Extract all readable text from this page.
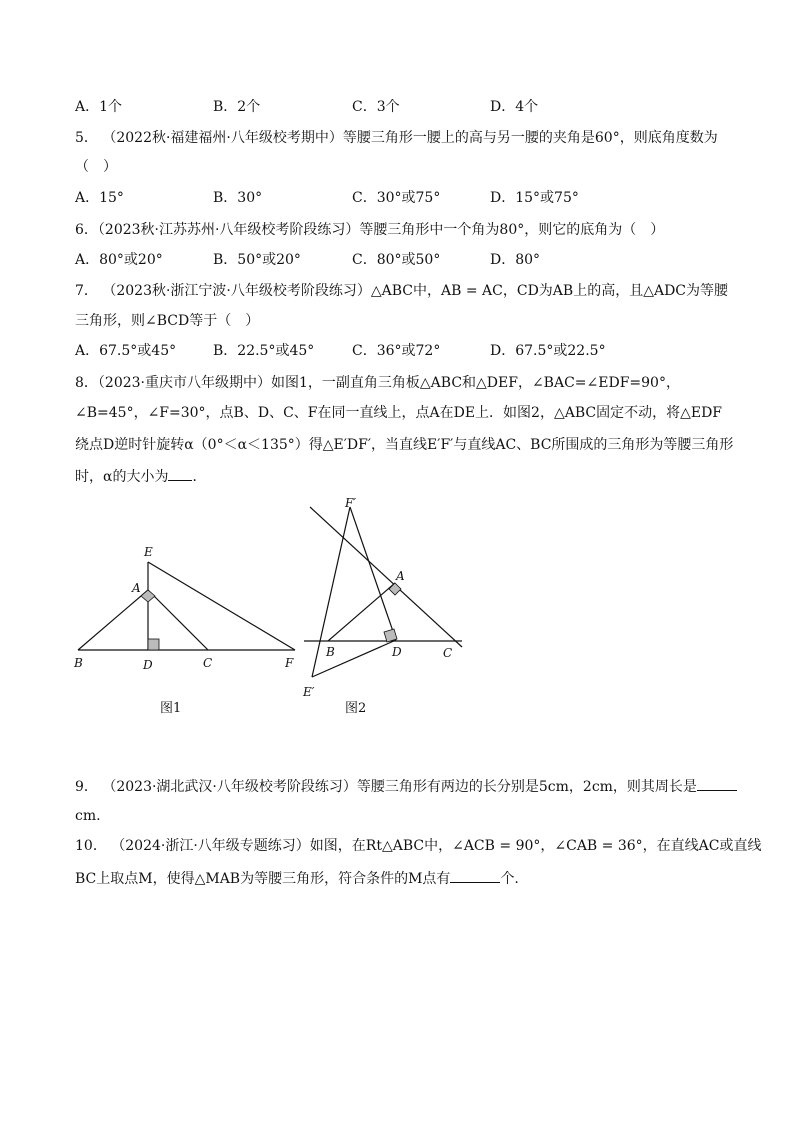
A．1个	B．2个	C．3个	D．4个
5． （2022秋·福建福州·八年级校考期中）等腰三角形一腰上的高与另一腰的夹角是60°，则底角度数为
（　）
A．15°	B．30°	C．30°或75°	D．15°或75°
6．（2023秋·江苏苏州·八年级校考阶段练习）等腰三角形中一个角为80°，则它的底角为（　）
A．80°或20°	B．50°或20°	C．80°或50°	D．80°
7． （2023秋·浙江宁波·八年级校考阶段练习）△ABC中，AB = AC，CD为AB上的高，且△ADC为等腰
三角形，则∠BCD等于（　）
A．67.5°或45°	B．22.5°或45°	C．36°或72°	D．67.5°或22.5°
8．（2023·重庆市八年级期中）如图1，一副直角三角板△ABC和△DEF，∠BAC=∠EDF=90°，
∠B=45°，∠F=30°，点B、D、C、F在同一直线上，点A在DE上．如图2，△ABC固定不动，将△EDF
绕点D逆时针旋转α（0°＜α＜135°）得△E′DF′，当直线E′F′与直线AC、BC所围成的三角形为等腰三角形
时，α的大小为 ．
E
A
B	D	C	F
图1
F′
A
B	D	C
E′
图2
9． （2023·湖北武汉·八年级校考阶段练习）等腰三角形有两边的长分别是5cm，2cm，则其周长是
cm.
10． （2024·浙江·八年级专题练习）如图，在Rt△ABC中，∠ACB = 90°，∠CAB = 36°，在直线AC或直线
BC上取点M，使得△MAB为等腰三角形，符合条件的M点有	个.
